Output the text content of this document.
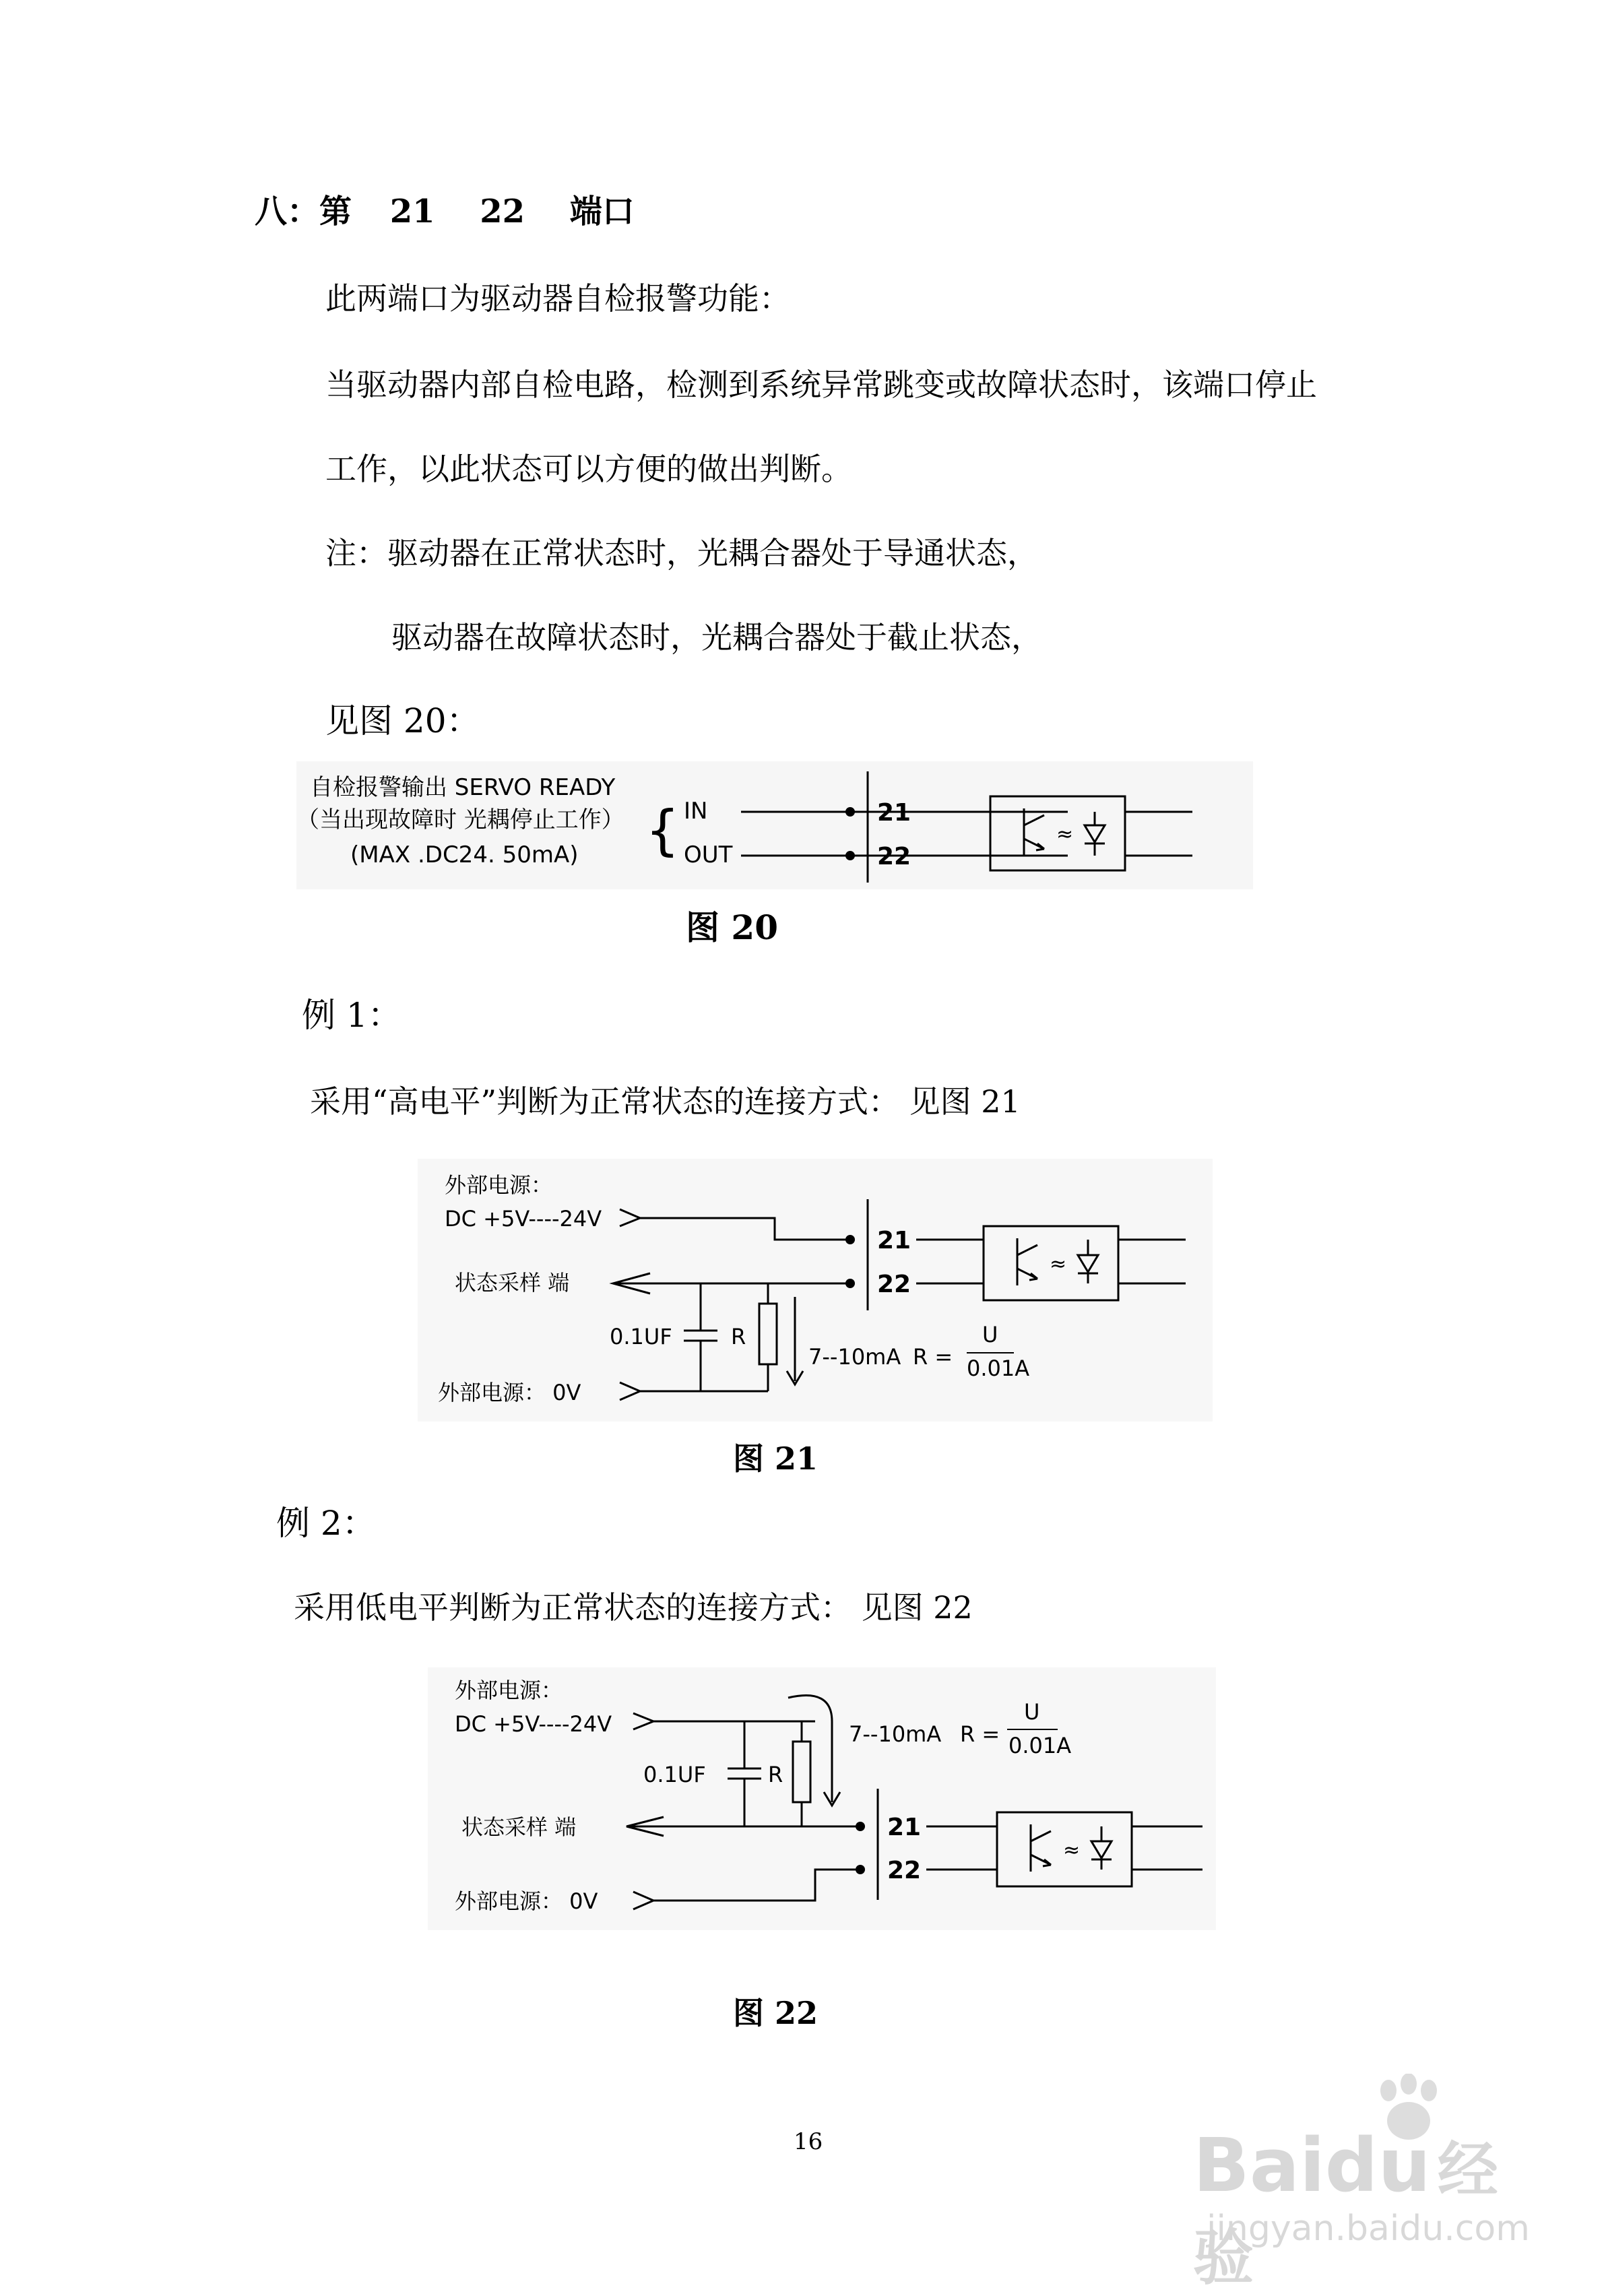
八：第 21 22 端口
此两端口为驱动器自检报警功能：
当驱动器内部自检电路，检测到系统异常跳变或故障状态时，该端口停止
工作，以此状态可以方便的做出判断。
注：驱动器在正常状态时，光耦合器处于导通状态，
驱动器在故障状态时，光耦合器处于截止状态，
见图 20：
自检报警输出 SERVO READY
（当出现故障时 光耦停止工作）
(MAX .DC24. 50mA) { IN
OUT
21
22
≈
图 20
例 1：
采用“高电平”判断为正常状态的连接方式： 见图 21
外部电源：
DC +5V----24V
状态采样 端
0.1UF	R
7--10mA R =
U
0.01A
外部电源： 0V
21
22
≈
图 21
例 2：
采用低电平判断为正常状态的连接方式： 见图 22
外部电源：
DC +5V----24V
0.1UF	R
7--10mA R =
U
0.01A
状态采样 端
外部电源： 0V
21
22
≈
图 22
16	Baidu 经验
jingyan.baidu.com
